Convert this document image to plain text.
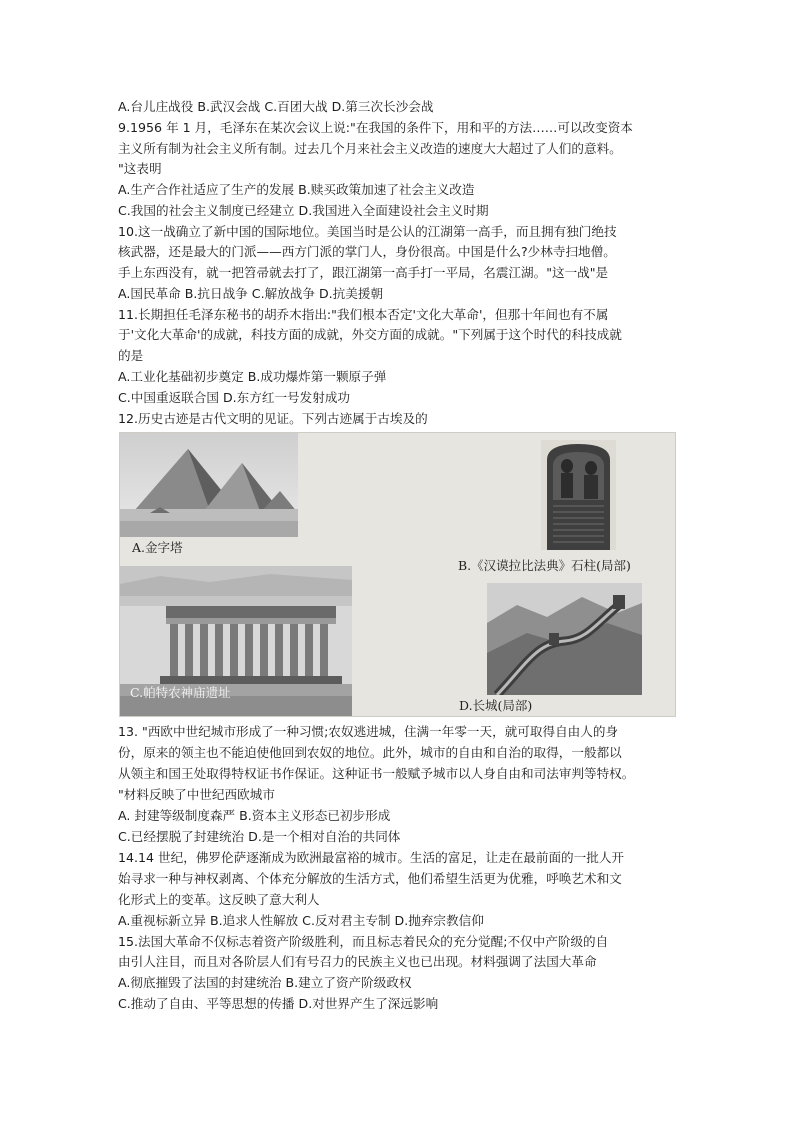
A.台儿庄战役 B.武汉会战 C.百团大战 D.第三次长沙会战
9.1956 年 1 月，毛泽东在某次会议上说:"在我国的条件下，用和平的方法……可以改变资本
主义所有制为社会主义所有制。过去几个月来社会主义改造的速度大大超过了人们的意料。
"这表明
A.生产合作社适应了生产的发展 B.赎买政策加速了社会主义改造
C.我国的社会主义制度已经建立 D.我国进入全面建设社会主义时期
10.这一战确立了新中国的国际地位。美国当时是公认的江湖第一高手，而且拥有独门绝技
核武器，还是最大的门派——西方门派的掌门人，身份很高。中国是什么?少林寺扫地僧。
手上东西没有，就一把笤帚就去打了，跟江湖第一高手打一平局，名震江湖。"这一战"是
A.国民革命 B.抗日战争 C.解放战争 D.抗美援朝
11.长期担任毛泽东秘书的胡乔木指出:"我们根本否定'文化大革命'，但那十年间也有不属
于'文化大革命'的成就，科技方面的成就，外交方面的成就。"下列属于这个时代的科技成就
的是
A.工业化基础初步奠定 B.成功爆炸第一颗原子弹
C.中国重返联合国 D.东方红一号发射成功
12.历史古迹是古代文明的见证。下列古迹属于古埃及的
A.金字塔
B.《汉谟拉比法典》石柱(局部)
C.帕特农神庙遗址
D.长城(局部)
13. "西欧中世纪城市形成了一种习惯;农奴逃进城，住满一年零一天，就可取得自由人的身
份，原来的领主也不能迫使他回到农奴的地位。此外，城市的自由和自治的取得，一般都以
从领主和国王处取得特权证书作保证。这种证书一般赋予城市以人身自由和司法审判等特权。
"材料反映了中世纪西欧城市
A. 封建等级制度森严 B.资本主义形态已初步形成
C.已经摆脱了封建统治 D.是一个相对自治的共同体
14.14 世纪，佛罗伦萨逐渐成为欧洲最富裕的城市。生活的富足，让走在最前面的一批人开
始寻求一种与神权剥离、个体充分解放的生活方式，他们希望生活更为优雅，呼唤艺术和文
化形式上的变革。这反映了意大利人
A.重视标新立异 B.追求人性解放 C.反对君主专制 D.抛弃宗教信仰
15.法国大革命不仅标志着资产阶级胜利，而且标志着民众的充分觉醒;不仅中产阶级的自
由引人注目，而且对各阶层人们有号召力的民族主义也已出现。材料强调了法国大革命
A.彻底摧毁了法国的封建统治 B.建立了资产阶级政权
C.推动了自由、平等思想的传播 D.对世界产生了深远影响
